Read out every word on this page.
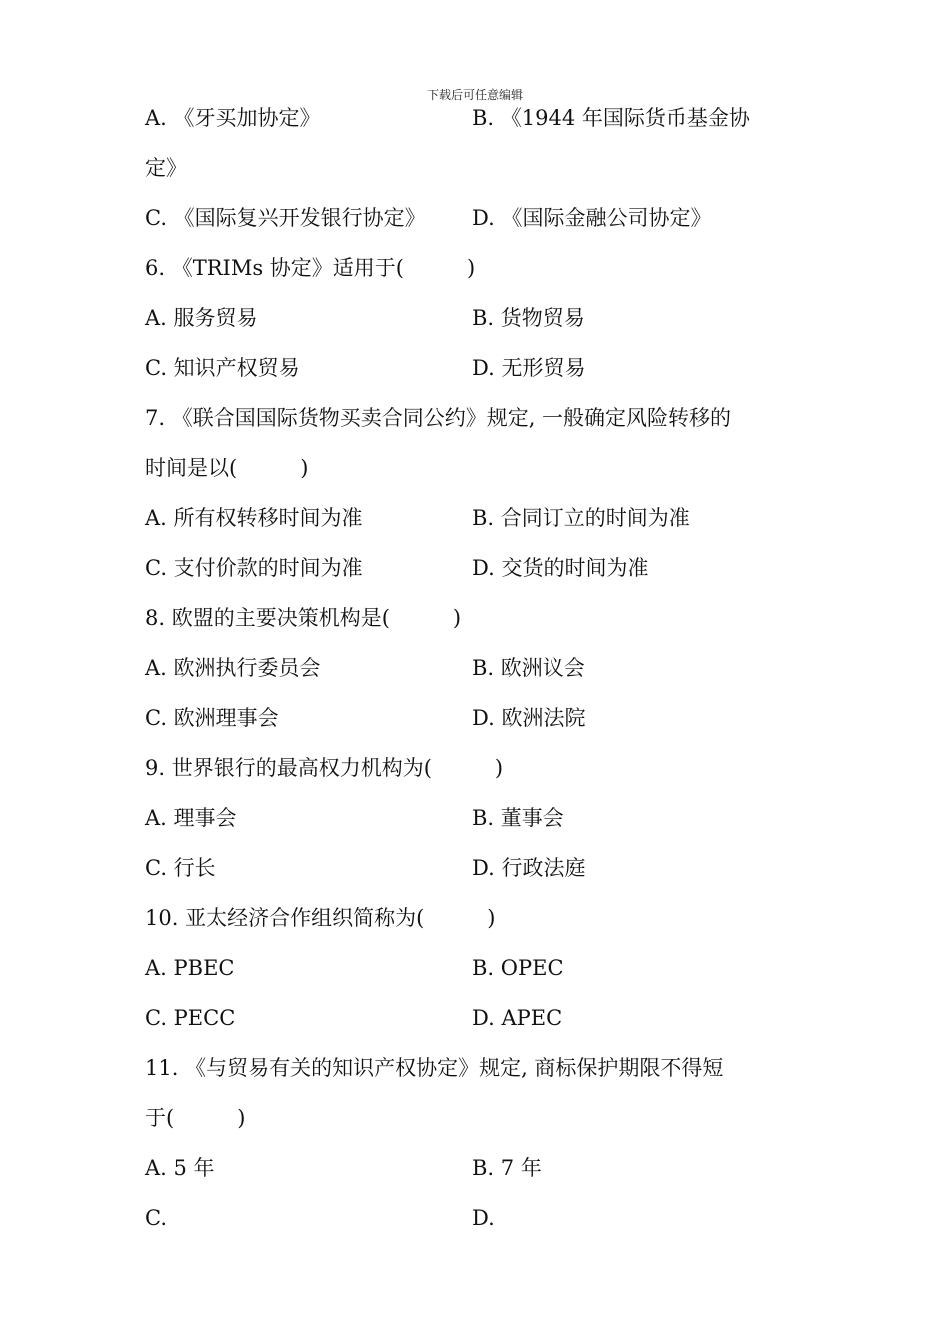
下载后可任意编辑
A. 《牙买加协定》	B. 《1944 年国际货币基金协
定》
C. 《国际复兴开发银行协定》 D. 《国际金融公司协定》
6. 《TRIMs 协定》适用于(　　　)
A. 服务贸易	B. 货物贸易
C. 知识产权贸易	D. 无形贸易
7. 《联合国国际货物买卖合同公约》规定, 一般确定风险转移的
时间是以(　　　)
A. 所有权转移时间为准	B. 合同订立的时间为准
C. 支付价款的时间为准	D. 交货的时间为准
8. 欧盟的主要决策机构是(　　　)
A. 欧洲执行委员会	B. 欧洲议会
C. 欧洲理事会	D. 欧洲法院
9. 世界银行的最高权力机构为(　　　)
A. 理事会	B. 董事会
C. 行长	D. 行政法庭
10. 亚太经济合作组织简称为(　　　)
A. PBEC	B. OPEC
C. PECC	D. APEC
11. 《与贸易有关的知识产权协定》规定, 商标保护期限不得短
于(　　　)
A. 5 年	B. 7 年
C.	D.
